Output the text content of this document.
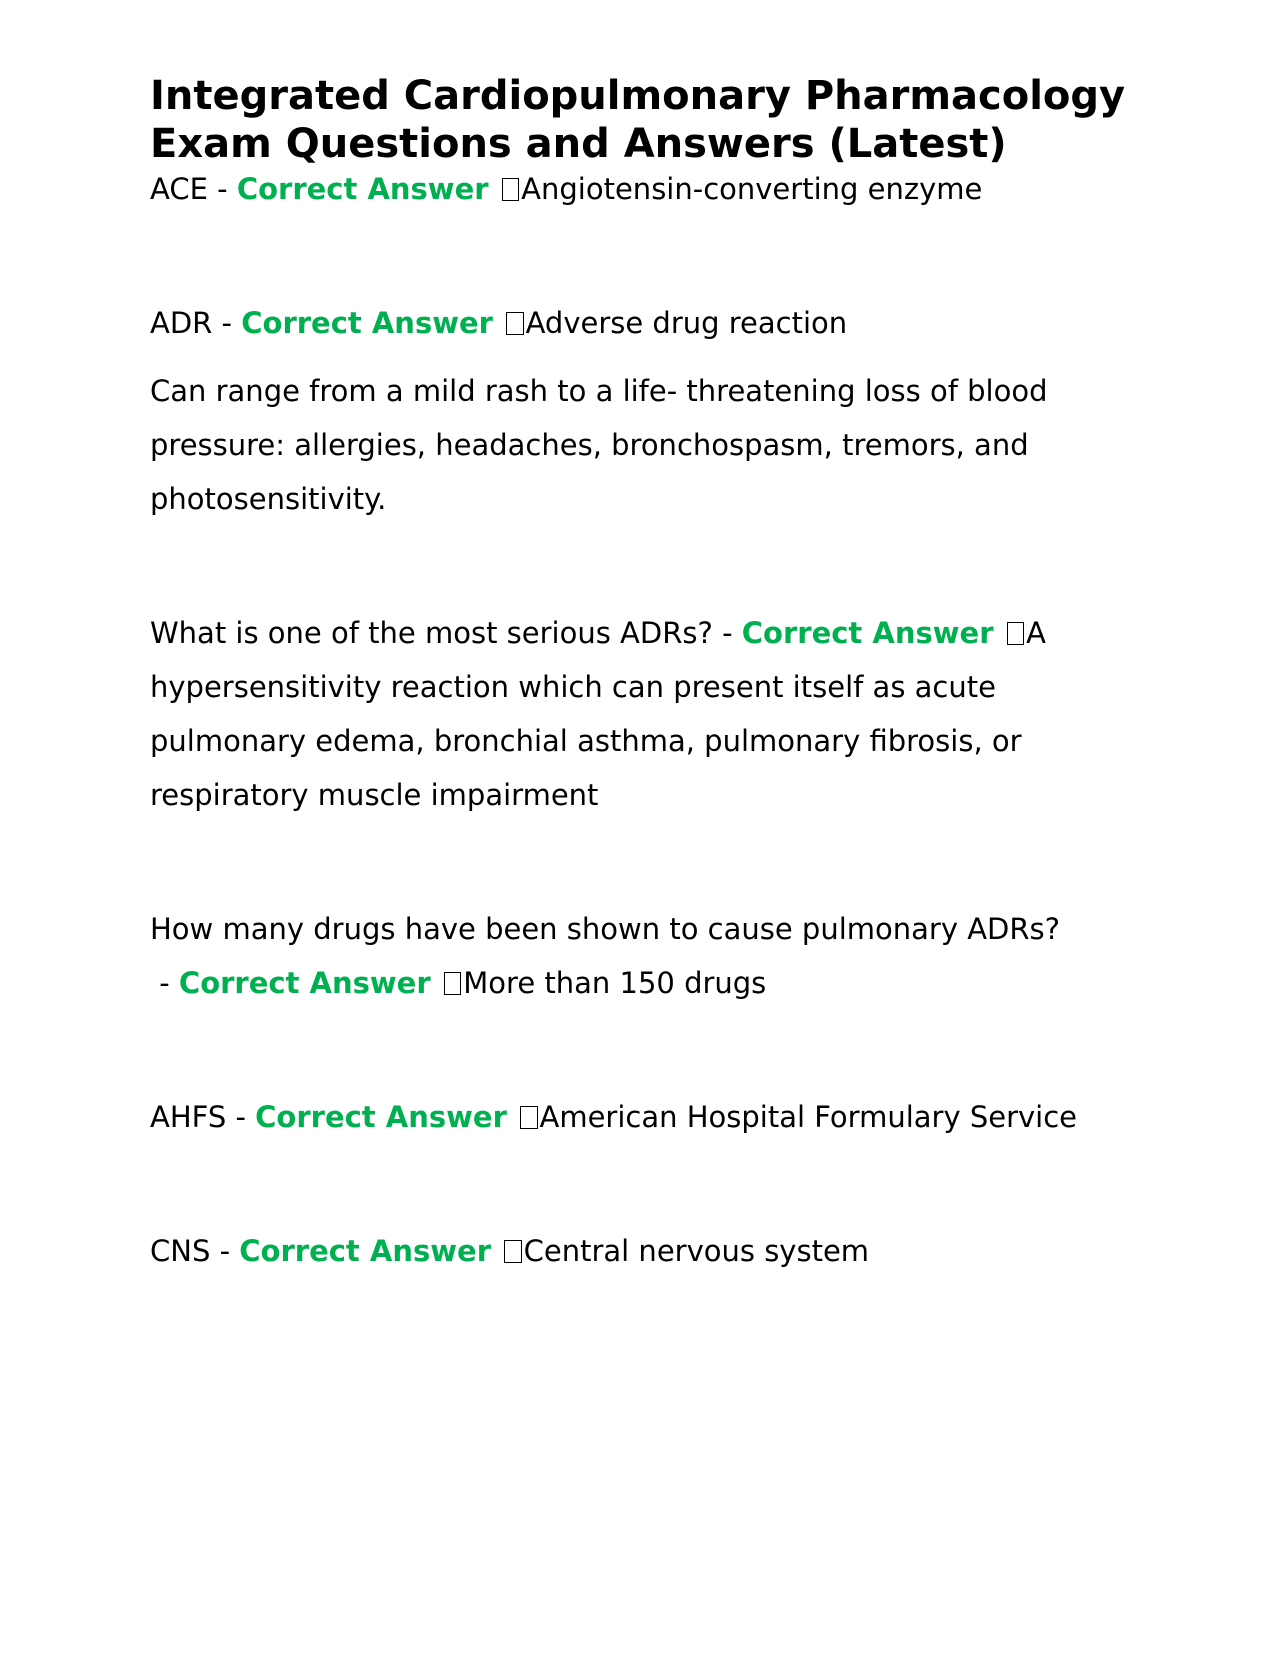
Integrated Cardiopulmonary Pharmacology Exam Questions and Answers (Latest)

ACE - Correct Answer Angiotensin-converting enzyme

ADR - Correct Answer Adverse drug reaction

Can range from a mild rash to a life- threatening loss of blood pressure: allergies, headaches, bronchospasm, tremors, and photosensitivity.

What is one of the most serious ADRs? - Correct Answer A hypersensitivity reaction which can present itself as acute pulmonary edema, bronchial asthma, pulmonary fibrosis, or respiratory muscle impairment

How many drugs have been shown to cause pulmonary ADRs? - Correct Answer More than 150 drugs

AHFS - Correct Answer American Hospital Formulary Service

CNS - Correct Answer Central nervous system
